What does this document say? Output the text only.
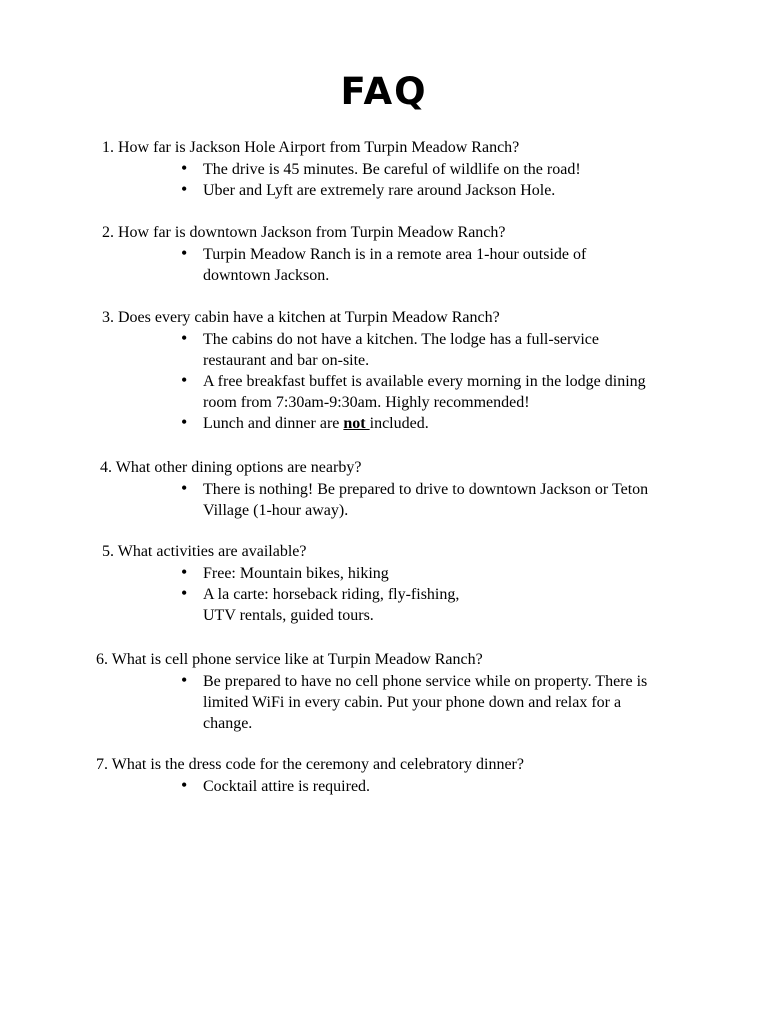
FAQ
1. How far is Jackson Hole Airport from Turpin Meadow Ranch?
• The drive is 45 minutes. Be careful of wildlife on the road!
• Uber and Lyft are extremely rare around Jackson Hole.
2. How far is downtown Jackson from Turpin Meadow Ranch?
• Turpin Meadow Ranch is in a remote area 1-hour outside of downtown Jackson.
3. Does every cabin have a kitchen at Turpin Meadow Ranch?
• The cabins do not have a kitchen. The lodge has a full-service restaurant and bar on-site.
• A free breakfast buffet is available every morning in the lodge dining room from 7:30am-9:30am. Highly recommended!
• Lunch and dinner are not included.
4. What other dining options are nearby?
• There is nothing! Be prepared to drive to downtown Jackson or Teton Village (1-hour away).
5. What activities are available?
• Free: Mountain bikes, hiking
• A la carte: horseback riding, fly-fishing,
UTV rentals, guided tours.
6. What is cell phone service like at Turpin Meadow Ranch?
• Be prepared to have no cell phone service while on property. There is limited WiFi in every cabin. Put your phone down and relax for a change.
7. What is the dress code for the ceremony and celebratory dinner?
• Cocktail attire is required.
